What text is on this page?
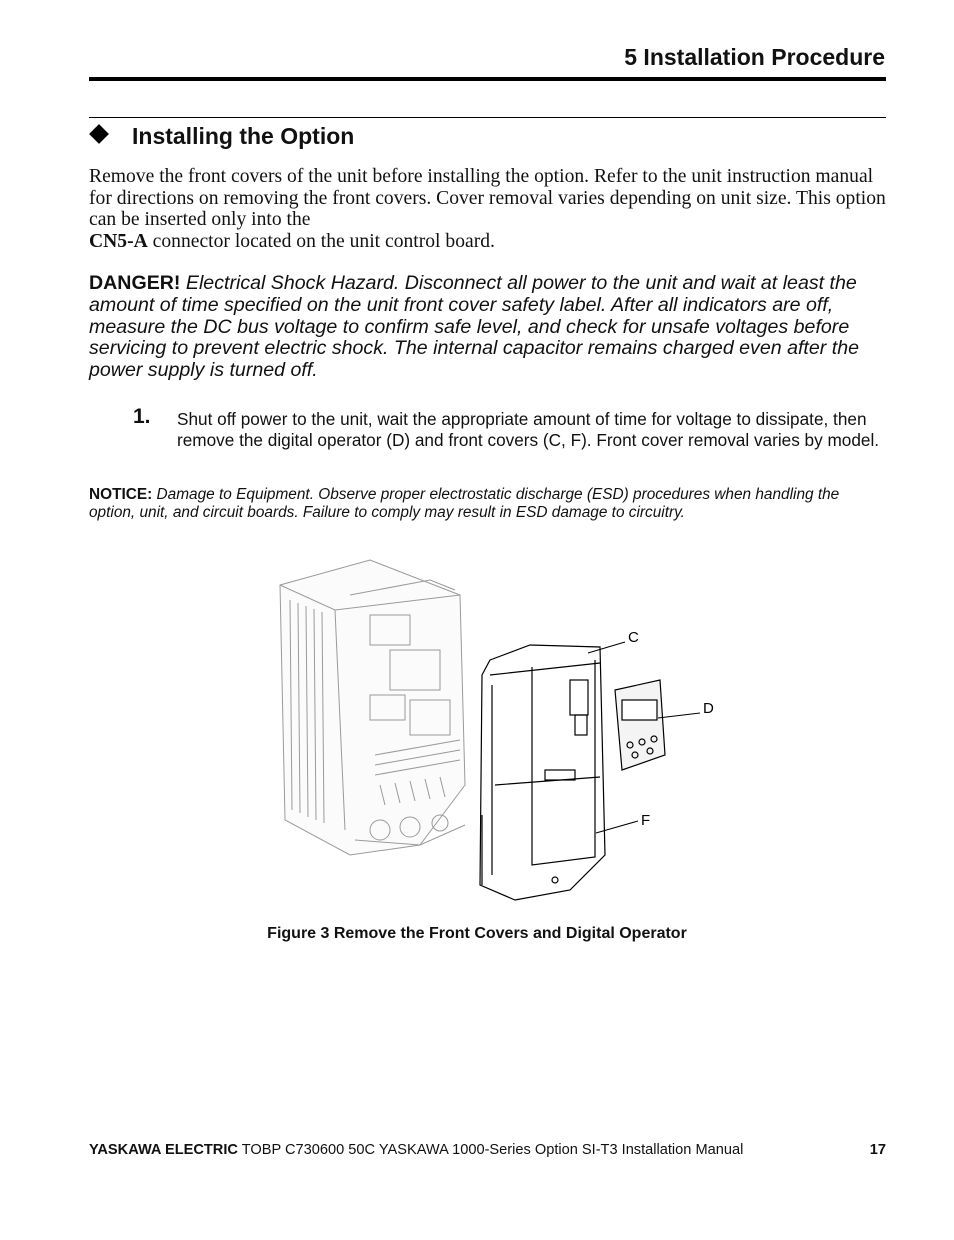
5 Installation Procedure
Installing the Option

Remove the front covers of the unit before installing the option. Refer to the unit instruction manual for directions on removing the front covers. Cover removal varies depending on unit size. This option can be inserted only into the

CN5-A connector located on the unit control board.

DANGER! Electrical Shock Hazard. Disconnect all power to the unit and wait at least the amount of time specified on the unit front cover safety label. After all indicators are off, measure the DC bus voltage to confirm safe level, and check for unsafe voltages before servicing to prevent electric shock. The internal capacitor remains charged even after the power supply is turned off.
1. Shut off power to the unit, wait the appropriate amount of time for voltage to dissipate, then remove the digital operator (D) and front covers (C, F). Front cover removal varies by model.
NOTICE: Damage to Equipment. Observe proper electrostatic discharge (ESD) procedures when handling the option, unit, and circuit boards. Failure to comply may result in ESD damage to circuitry.
C
D
F
Figure 3 Remove the Front Covers and Digital Operator
YASKAWA ELECTRIC TOBP C730600 50C YASKAWA 1000-Series Option SI-T3 Installation Manual	17
